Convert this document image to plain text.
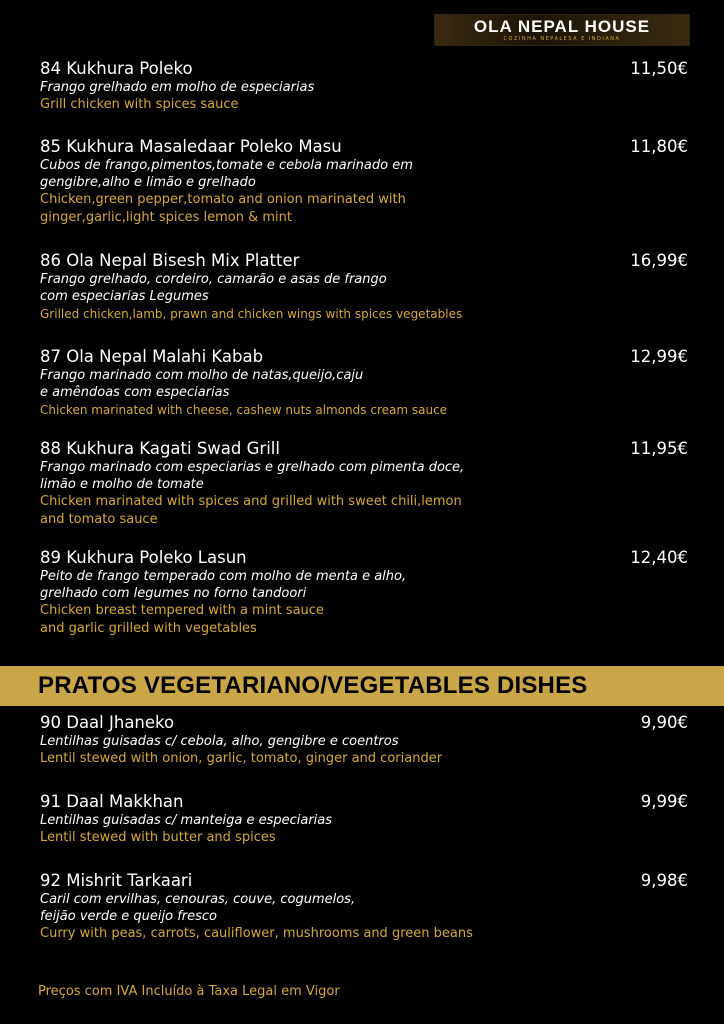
OLA NEPAL HOUSE
COZINHA NEPALESA E INDIANA
84 Kukhura Poleko	11,50€
Frango grelhado em molho de especiarias
Grill chicken with spices sauce
85 Kukhura Masaledaar Poleko Masu	11,80€
Cubos de frango,pimentos,tomate e cebola marinado em
gengibre,alho e limão e grelhado
Chicken,green pepper,tomato and onion marinated with
ginger,garlic,light spices lemon & mint
86 Ola Nepal Bisesh Mix Platter	16,99€
Frango grelhado, cordeiro, camarão e asas de frango
com especiarias Legumes
Grilled chicken,lamb, prawn and chicken wings with spices vegetables
87 Ola Nepal Malahi Kabab	12,99€
Frango marinado com molho de natas,queijo,caju
e amêndoas com especiarias
Chicken marinated with cheese, cashew nuts almonds cream sauce
88 Kukhura Kagati Swad Grill	11,95€
Frango marinado com especiarias e grelhado com pimenta doce,
limão e molho de tomate
Chicken marinated with spices and grilled with sweet chili,lemon
and tomato sauce
89 Kukhura Poleko Lasun	12,40€
Peito de frango temperado com molho de menta e alho,
grelhado com legumes no forno tandoori
Chicken breast tempered with a mint sauce
and garlic grilled with vegetables
PRATOS VEGETARIANO/VEGETABLES DISHES
90 Daal Jhaneko	9,90€
Lentilhas guisadas c/ cebola, alho, gengibre e coentros
Lentil stewed with onion, garlic, tomato, ginger and coriander
91 Daal Makkhan	9,99€
Lentilhas guisadas c/ manteiga e especiarias
Lentil stewed with butter and spices
92 Mishrit Tarkaari	9,98€
Caril com ervilhas, cenouras, couve, cogumelos,
feijão verde e queijo fresco
Curry with peas, carrots, cauliflower, mushrooms and green beans
Preços com IVA Incluído à Taxa Legal em Vigor
